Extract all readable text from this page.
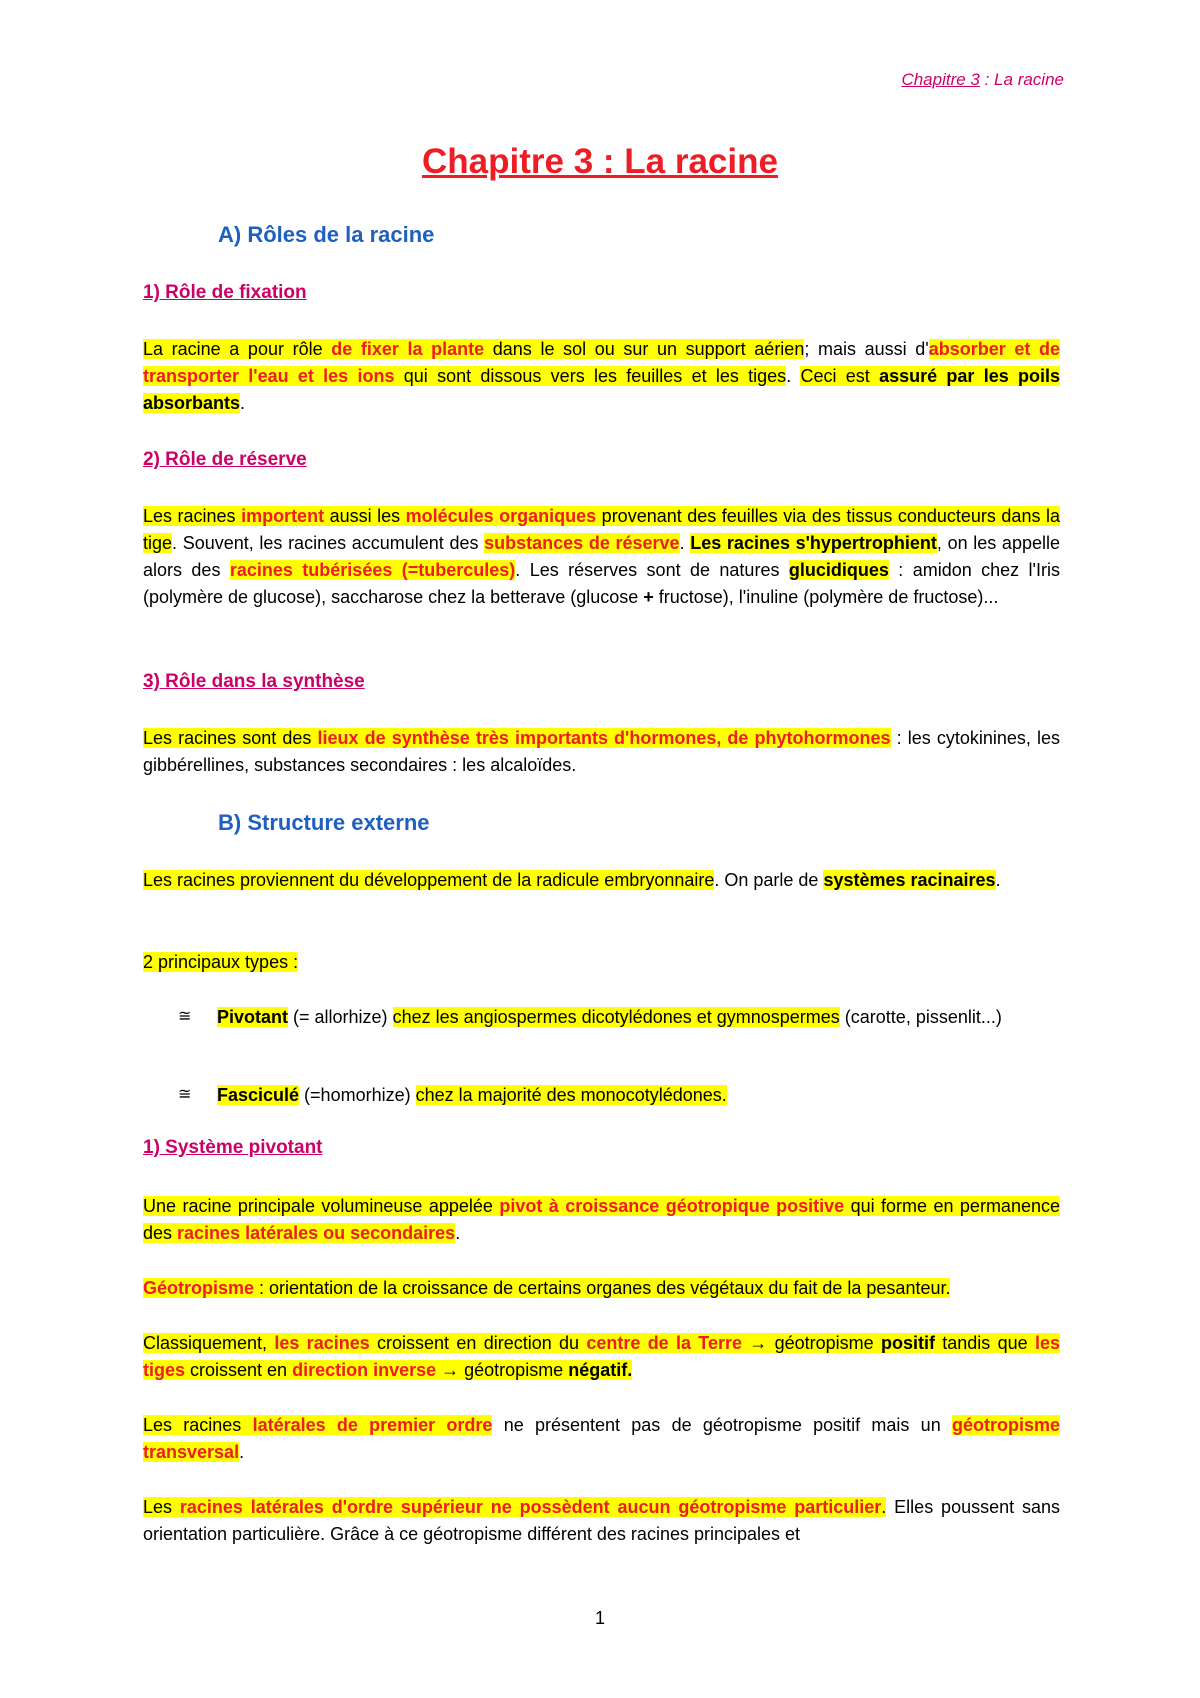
Chapitre 3 : La racine
Chapitre 3 : La racine
A) Rôles de la racine
1) Rôle de fixation
La racine a pour rôle de fixer la plante dans le sol ou sur un support aérien; mais aussi d'absorber et de transporter l'eau et les ions qui sont dissous vers les feuilles et les tiges. Ceci est assuré par les poils absorbants.
2) Rôle de réserve
Les racines importent aussi les molécules organiques provenant des feuilles via des tissus conducteurs dans la tige. Souvent, les racines accumulent des substances de réserve. Les racines s'hypertrophient, on les appelle alors des racines tubérisées (=tubercules). Les réserves sont de natures glucidiques : amidon chez l'Iris (polymère de glucose), saccharose chez la betterave (glucose + fructose), l'inuline (polymère de fructose)...
3) Rôle dans la synthèse
Les racines sont des lieux de synthèse très importants d'hormones, de phytohormones : les cytokinines, les gibbérellines, substances secondaires : les alcaloïdes.
B) Structure externe
Les racines proviennent du développement de la radicule embryonnaire. On parle de systèmes racinaires.
2 principaux types :
≅ Pivotant (= allorhize) chez les angiospermes dicotylédones et gymnospermes (carotte, pissenlit...)
≅ Fasciculé (=homorhize) chez la majorité des monocotylédones.
1) Système pivotant
Une racine principale volumineuse appelée pivot à croissance géotropique positive qui forme en permanence des racines latérales ou secondaires.
Géotropisme : orientation de la croissance de certains organes des végétaux du fait de la pesanteur.
Classiquement, les racines croissent en direction du centre de la Terre → géotropisme positif tandis que les tiges croissent en direction inverse → géotropisme négatif.
Les racines latérales de premier ordre ne présentent pas de géotropisme positif mais un géotropisme transversal.
Les racines latérales d'ordre supérieur ne possèdent aucun géotropisme particulier. Elles poussent sans orientation particulière. Grâce à ce géotropisme différent des racines principales et
1
